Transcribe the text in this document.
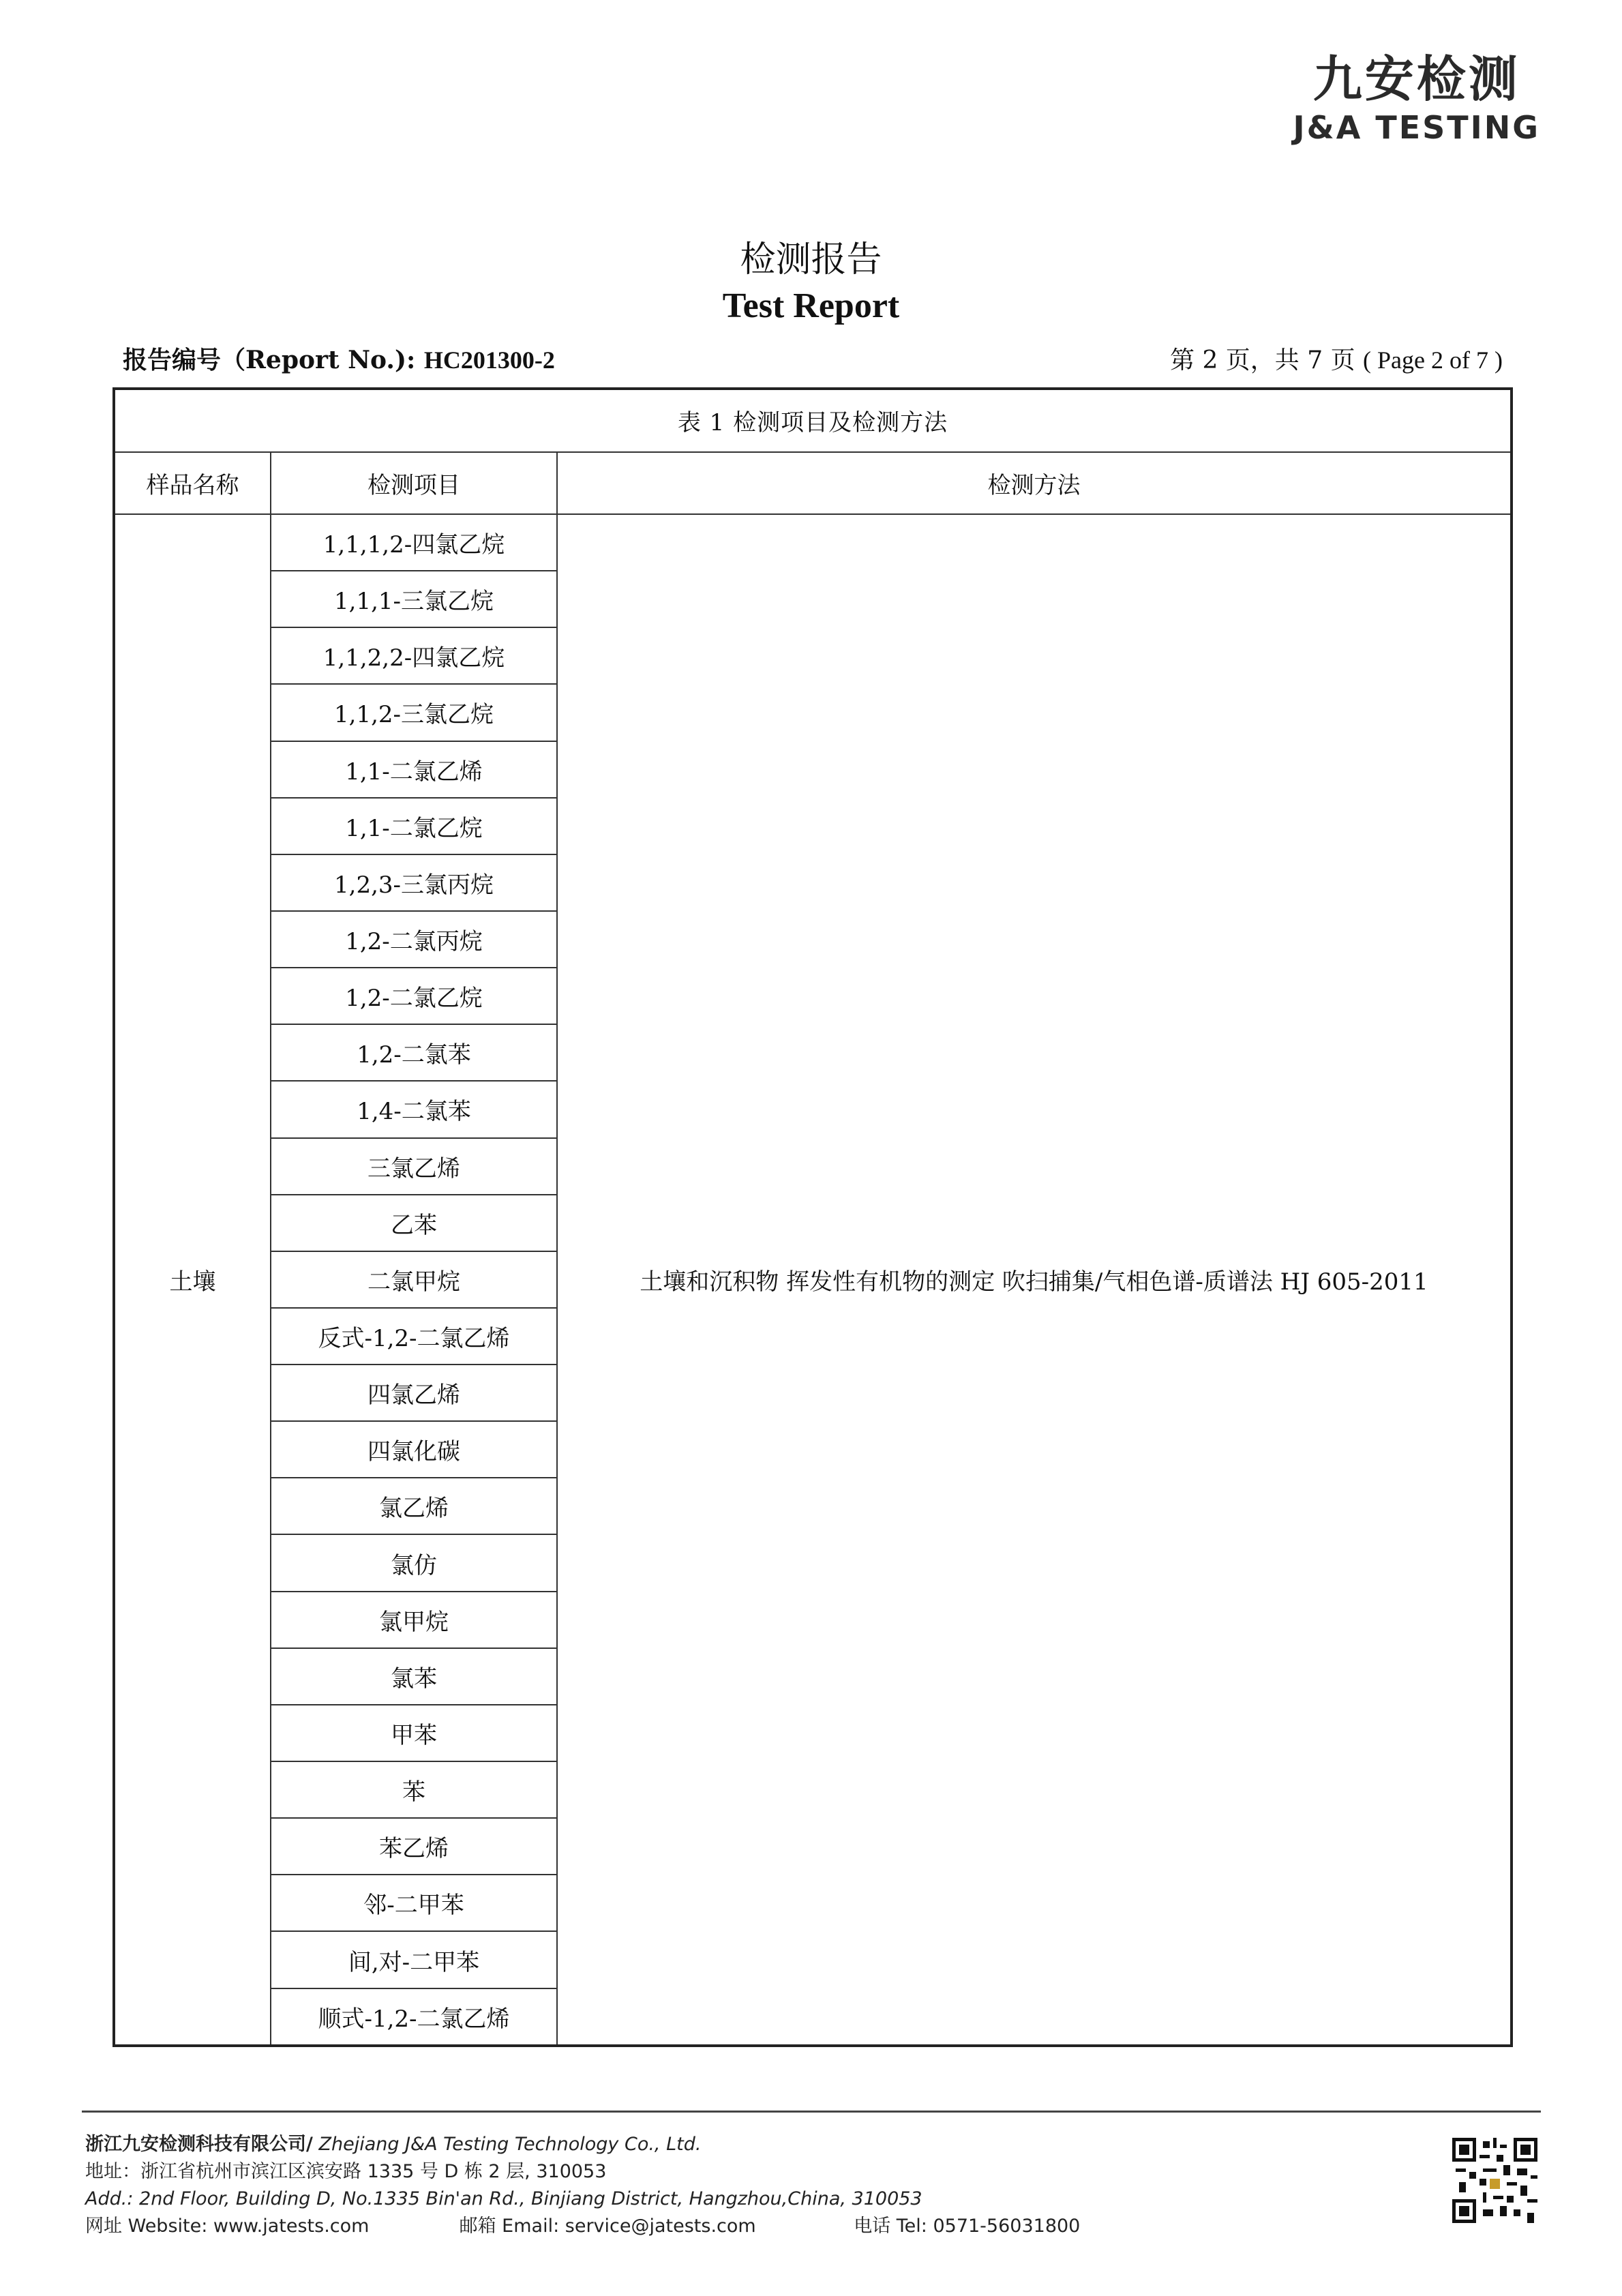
九安检测
J&A TESTING
检测报告
Test Report
报告编号（Report No.): HC201300-2	第 2 页，共 7 页 ( Page 2 of 7 )
表 1 检测项目及检测方法		
样品名称	检测项目	检测方法
土壤	1,1,1,2-四氯乙烷	土壤和沉积物 挥发性有机物的测定 吹扫捕集/气相色谱-质谱法 HJ 605-2011
	1,1,1-三氯乙烷	
	1,1,2,2-四氯乙烷	
	1,1,2-三氯乙烷	
	1,1-二氯乙烯	
	1,1-二氯乙烷	
	1,2,3-三氯丙烷	
	1,2-二氯丙烷	
	1,2-二氯乙烷	
	1,2-二氯苯	
	1,4-二氯苯	
	三氯乙烯	
	乙苯	
	二氯甲烷	
	反式-1,2-二氯乙烯	
	四氯乙烯	
	四氯化碳	
	氯乙烯	
	氯仿	
	氯甲烷	
	氯苯	
	甲苯	
	苯	
	苯乙烯	
	邻-二甲苯	
	间,对-二甲苯	
	顺式-1,2-二氯乙烯	
浙江九安检测科技有限公司/ Zhejiang J&A Testing Technology Co., Ltd.
地址：浙江省杭州市滨江区滨安路 1335 号 D 栋 2 层, 310053
Add.: 2nd Floor, Building D, No.1335 Bin'an Rd., Binjiang District, Hangzhou,China, 310053
网址 Website: www.jatests.com	邮箱 Email: service@jatests.com	电话 Tel: 0571-56031800
